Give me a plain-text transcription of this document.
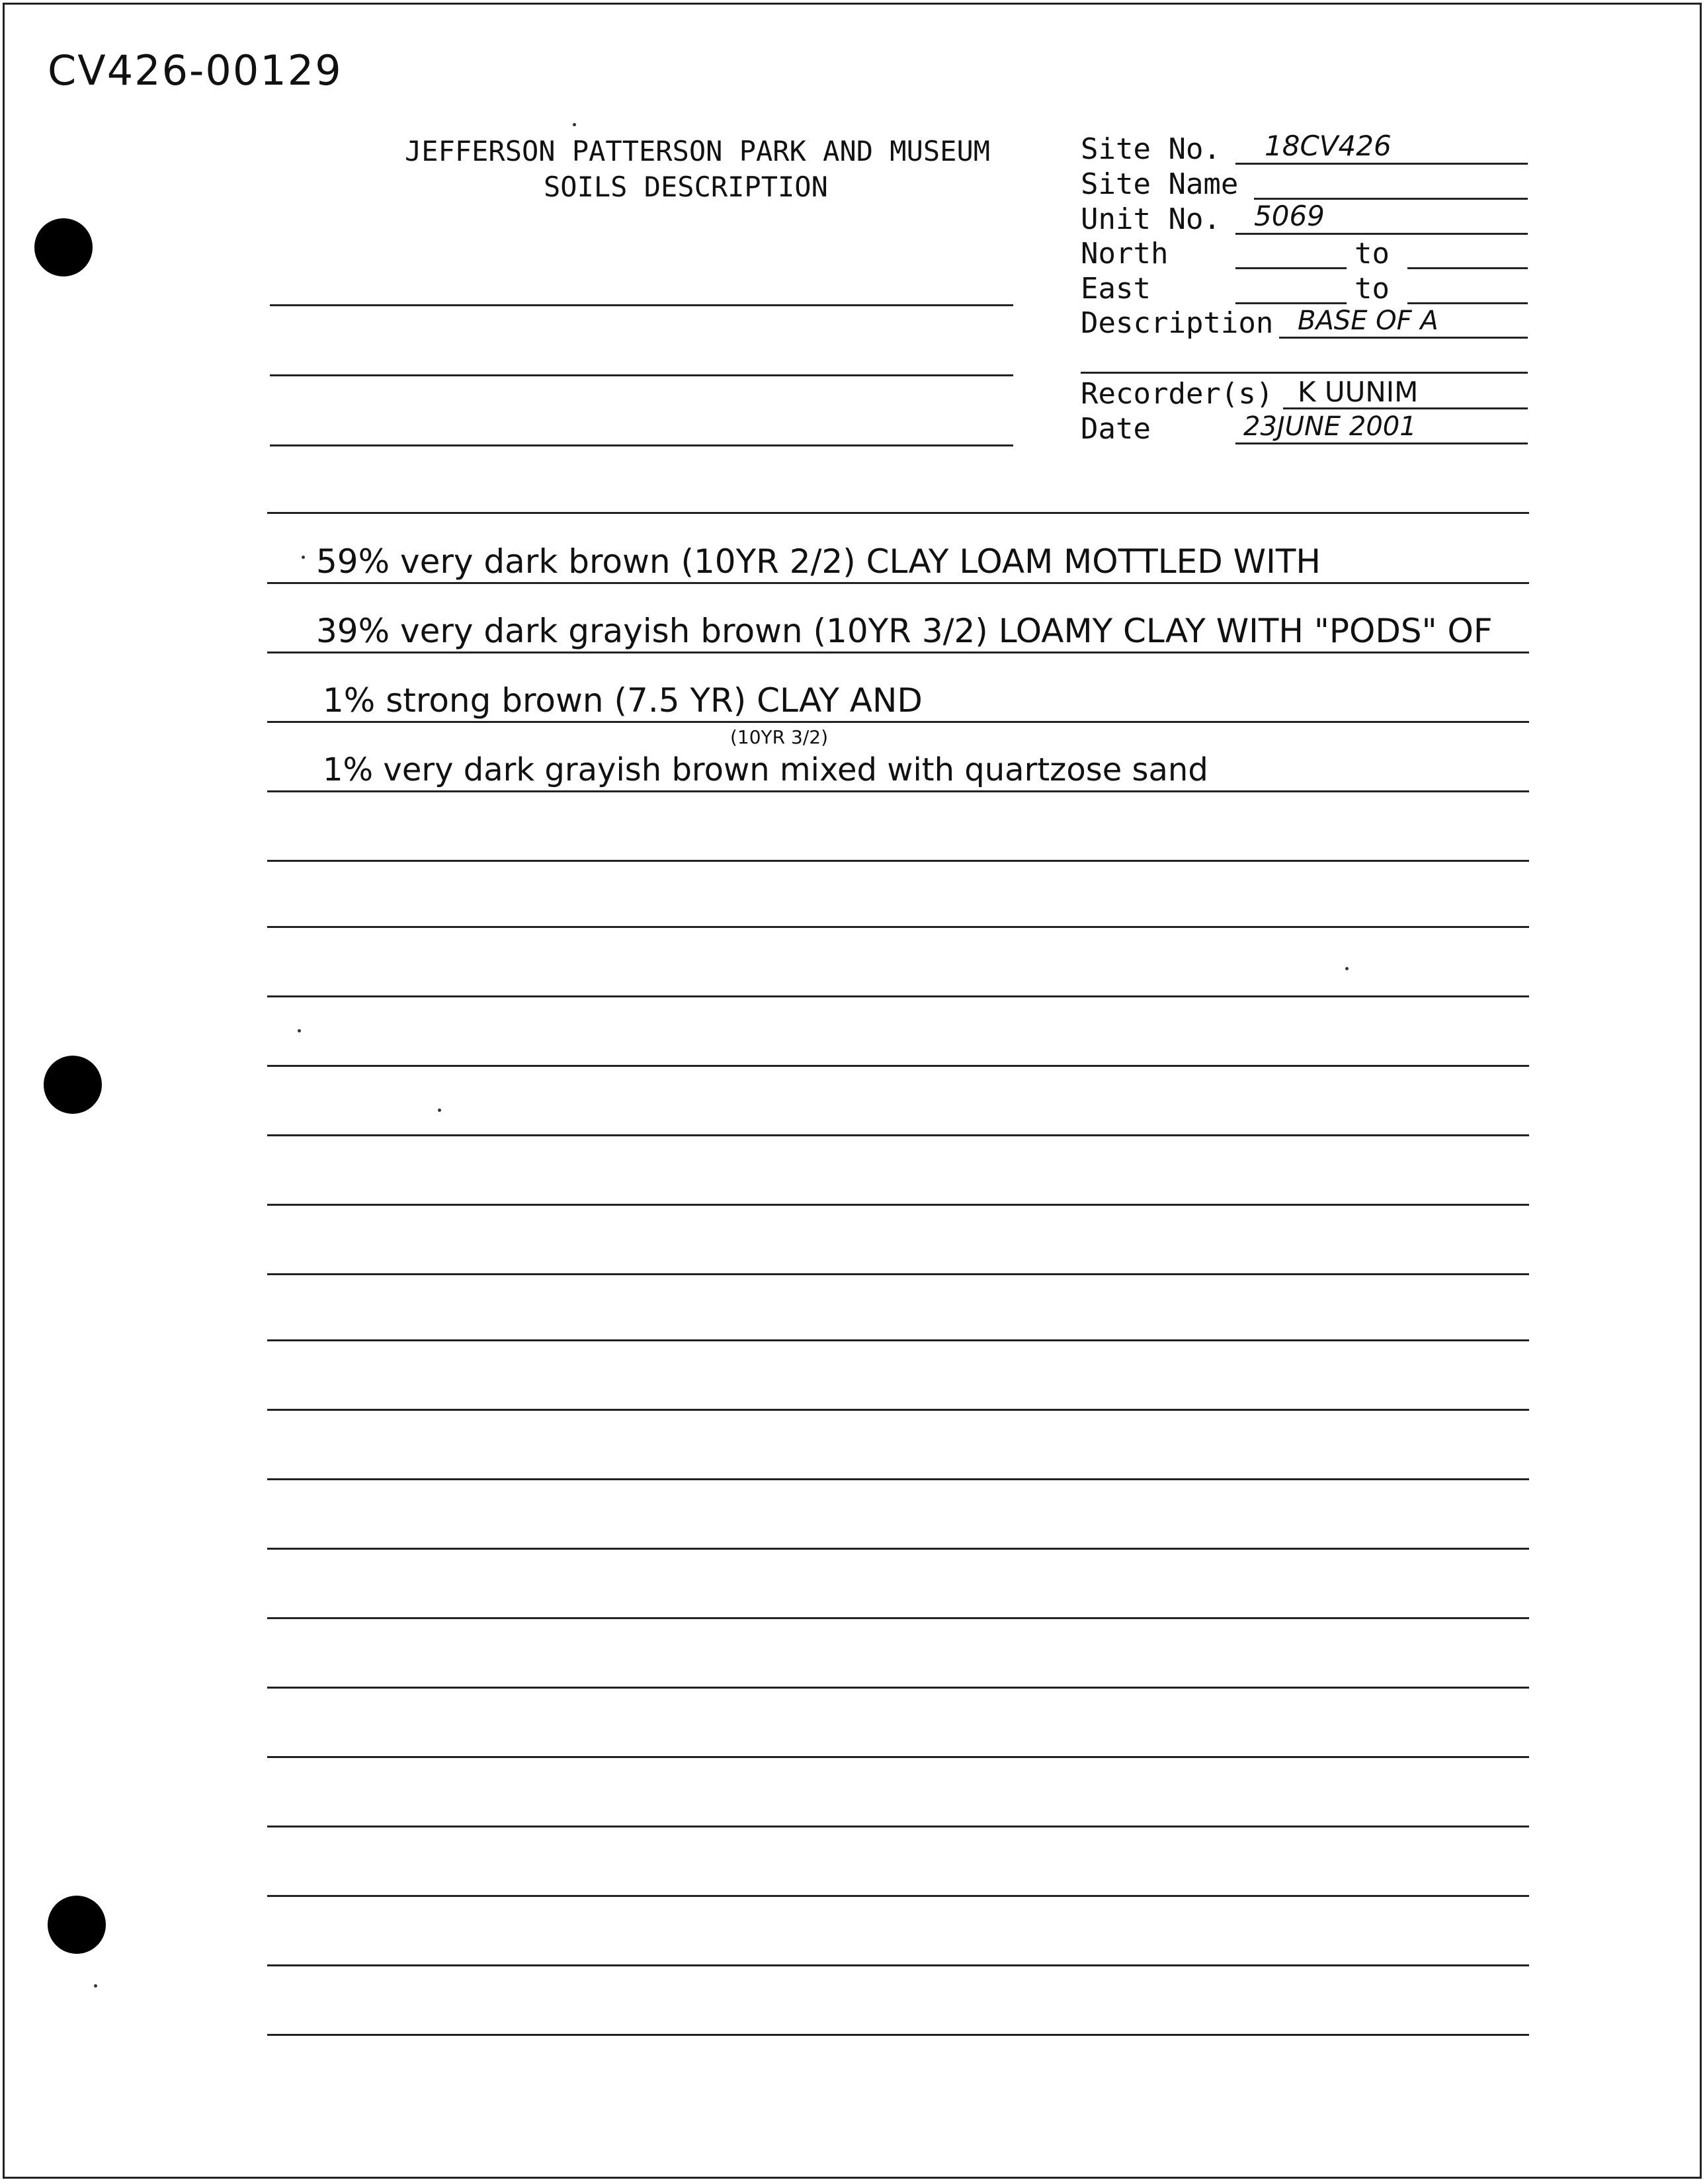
CV426-00129
JEFFERSON PATTERSON PARK AND MUSEUM
SOILS DESCRIPTION
Site No. 18CV426
Site Name
Unit No. 5069
North	to
East	to
Description BASE OF A
Recorder(s) K UUNIM
Date	23JUNE 2001
59% very dark brown (10YR 2/2) CLAY LOAM MOTTLED WITH
39% very dark grayish brown (10YR 3/2) LOAMY CLAY WITH "PODS" OF
1% strong brown (7.5 YR) CLAY AND
(10YR 3/2)
1% very dark grayish brown mixed with quartzose sand
